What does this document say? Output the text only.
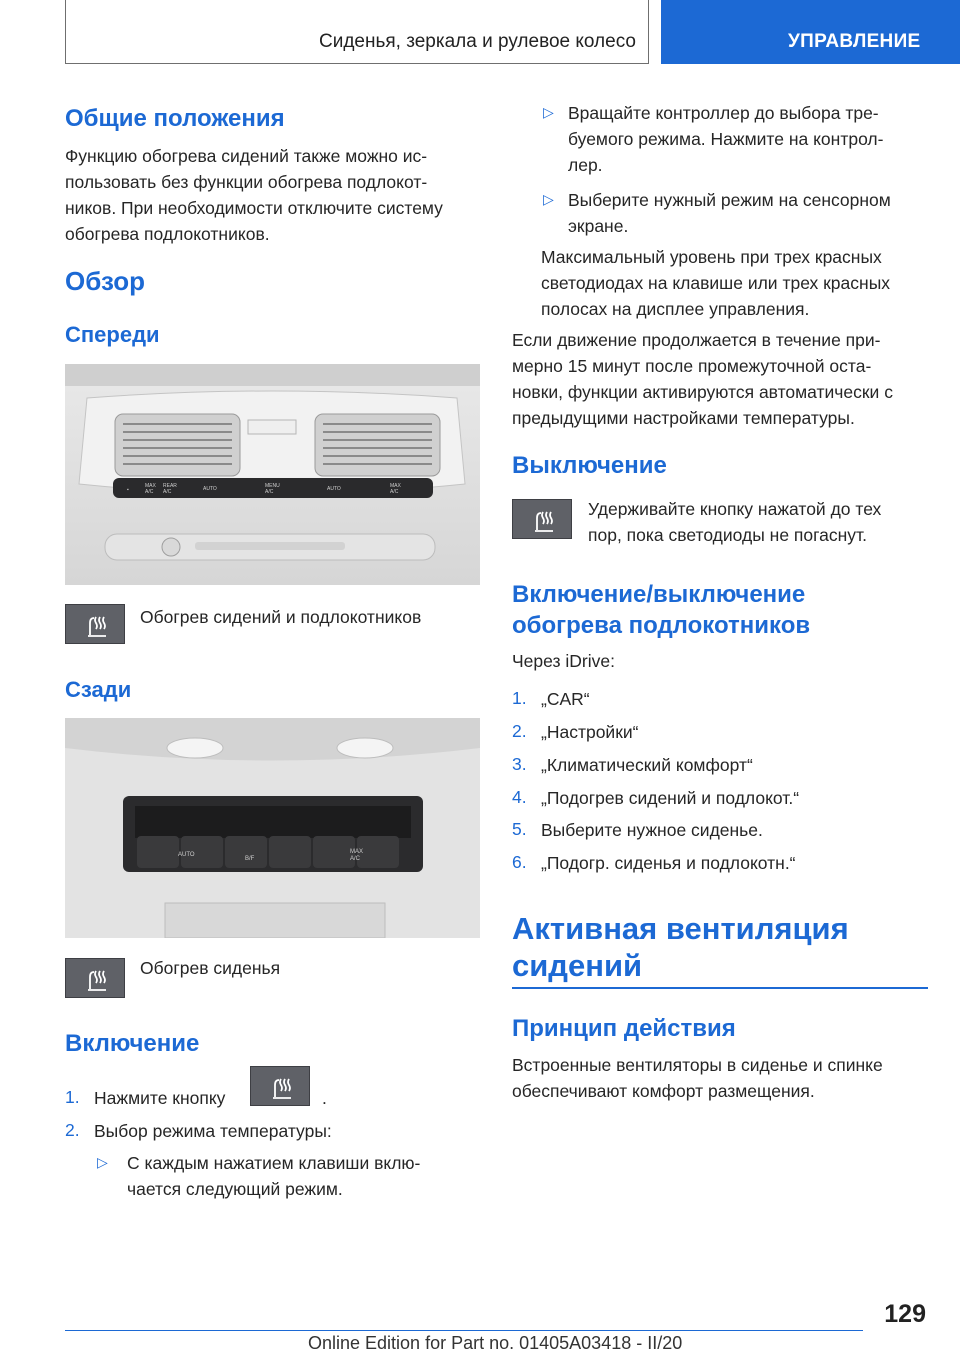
Сиденья, зеркала и рулевое колесо	УПРАВЛЕНИЕ
Общие положения
Функцию обогрева сидений также можно ис‐
пользовать без функции обогрева подлокот‐
ников. При необходимости отключите систему
обогрева подлокотников.
Обзор
Спереди
▪
MAX
A/C
REAR
A/C	AUTO	MENU
A/C	AUTO	MAX
A/C
Обогрев сидений и подлокотников
Сзади
AUTO
B/F
MAX
A/C
Обогрев сиденья
Включение
1. Нажмите кнопку	.
2. Выбор режима температуры:
▷ С каждым нажатием клавиши вклю‐
чается следующий режим.
▷ Вращайте контроллер до выбора тре‐
буемого режима. Нажмите на контрол‐
лер.
▷ Выберите нужный режим на сенсорном
экране.
Максимальный уровень при трех красных
светодиодах на клавише или трех красных
полосах на дисплее управления.
Если движение продолжается в течение при‐
мерно 15 минут после промежуточной оста‐
новки, функции активируются автоматически с
предыдущими настройками температуры.
Выключение
Удерживайте кнопку нажатой до тех
пор, пока светодиоды не погаснут.
Включение/выключение
обогрева подлокотников
Через iDrive:
1. „CAR“
2. „Настройки“
3. „Климатический комфорт“
4. „Подогрев сидений и подлокот.“
5. Выберите нужное сиденье.
6. „Подогр. сиденья и подлокотн.“
Активная вентиляция
сидений
Принцип действия
Встроенные вентиляторы в сиденье и спинке
обеспечивают комфорт размещения.
129
Online Edition for Part no. 01405A03418 - II/20
